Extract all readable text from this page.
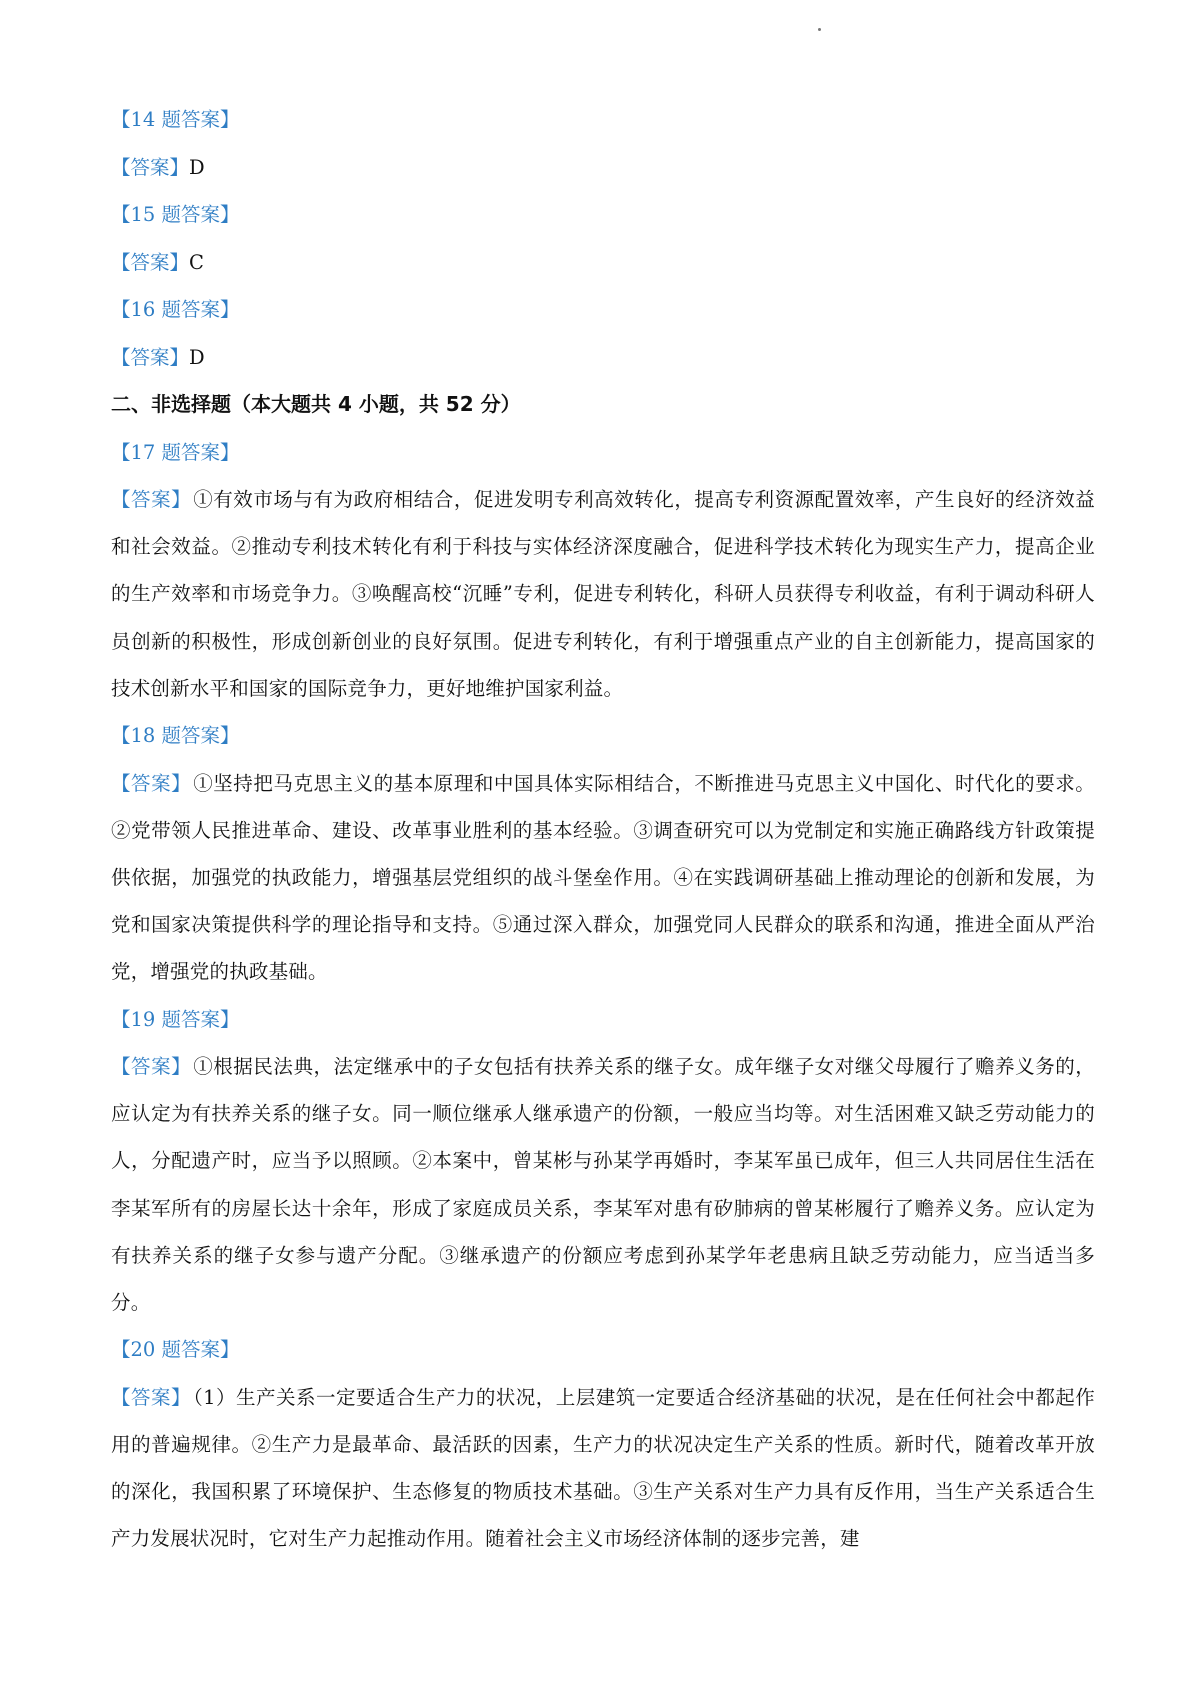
【14 题答案】
【答案】D
【15 题答案】
【答案】C
【16 题答案】
【答案】D
二、非选择题（本大题共 4 小题，共 52 分）
【17 题答案】
【答案】 ①有效市场与有为政府相结合，促进发明专利高效转化，提高专利资源配置效率，产生良好的经济效益和社会效益。②推动专利技术转化有利于科技与实体经济深度融合，促进科学技术转化为现实生产力，提高企业的生产效率和市场竞争力。③唤醒高校“沉睡”专利，促进专利转化，科研人员获得专利收益，有利于调动科研人员创新的积极性，形成创新创业的良好氛围。促进专利转化，有利于增强重点产业的自主创新能力，提高国家的技术创新水平和国家的国际竞争力，更好地维护国家利益。
【18 题答案】
【答案】 ①坚持把马克思主义的基本原理和中国具体实际相结合，不断推进马克思主义中国化、时代化的要求。②党带领人民推进革命、建设、改革事业胜利的基本经验。③调查研究可以为党制定和实施正确路线方针政策提供依据，加强党的执政能力，增强基层党组织的战斗堡垒作用。④在实践调研基础上推动理论的创新和发展，为党和国家决策提供科学的理论指导和支持。⑤通过深入群众，加强党同人民群众的联系和沟通，推进全面从严治党，增强党的执政基础。
【19 题答案】
【答案】 ①根据民法典，法定继承中的子女包括有扶养关系的继子女。成年继子女对继父母履行了赡养义务的，应认定为有扶养关系的继子女。同一顺位继承人继承遗产的份额，一般应当均等。对生活困难又缺乏劳动能力的人，分配遗产时，应当予以照顾。②本案中，曾某彬与孙某学再婚时，李某军虽已成年，但三人共同居住生活在李某军所有的房屋长达十余年，形成了家庭成员关系，李某军对患有矽肺病的曾某彬履行了赡养义务。应认定为有扶养关系的继子女参与遗产分配。③继承遗产的份额应考虑到孙某学年老患病且缺乏劳动能力，应当适当多分。
【20 题答案】
【答案】 （1）生产关系一定要适合生产力的状况，上层建筑一定要适合经济基础的状况，是在任何社会中都起作用的普遍规律。②生产力是最革命、最活跃的因素，生产力的状况决定生产关系的性质。新时代，随着改革开放的深化，我国积累了环境保护、生态修复的物质技术基础。③生产关系对生产力具有反作用，当生产关系适合生产力发展状况时，它对生产力起推动作用。随着社会主义市场经济体制的逐步完善，建
